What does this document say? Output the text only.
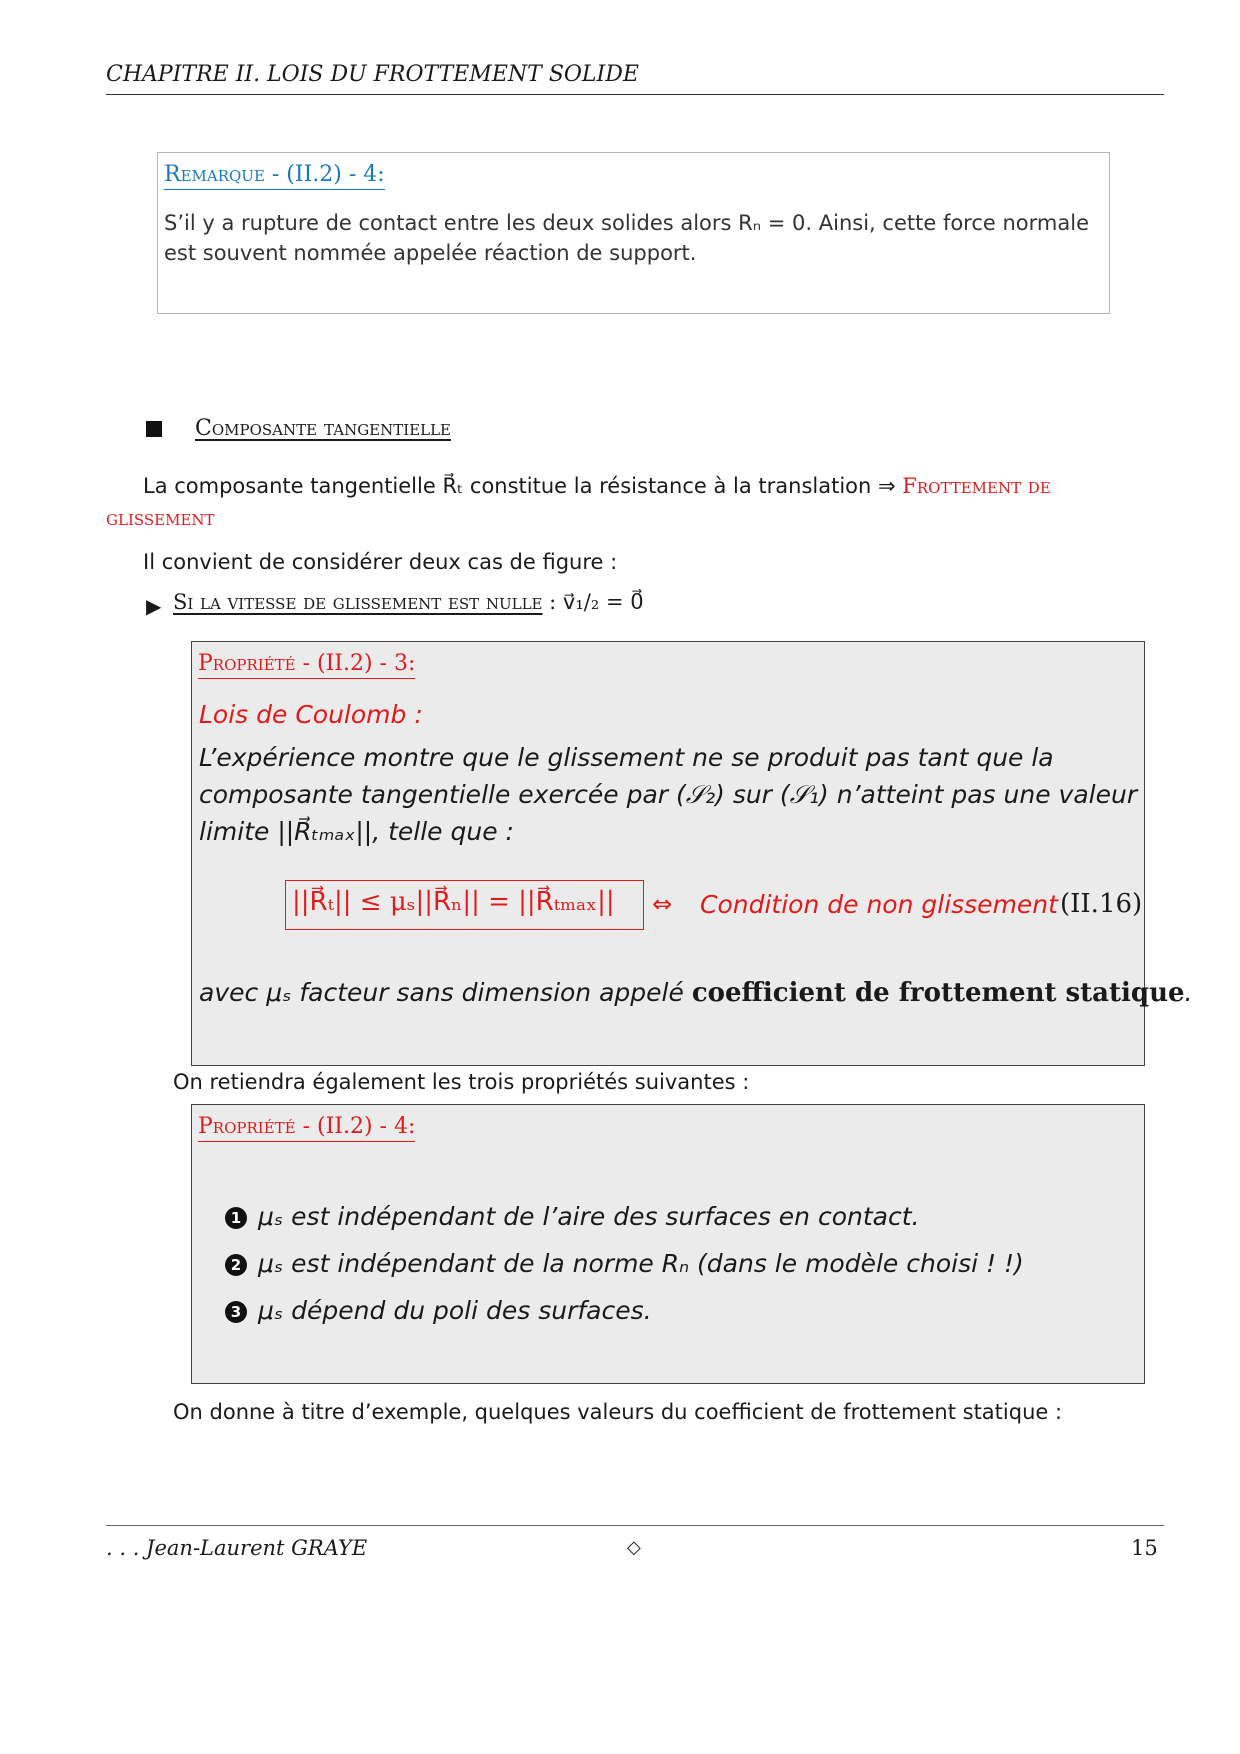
CHAPITRE II. LOIS DU FROTTEMENT SOLIDE
Remarque - (II.2) - 4:
S’il y a rupture de contact entre les deux solides alors Rₙ = 0. Ainsi, cette force normale est souvent nommée appelée réaction de support.
Composante tangentielle
La composante tangentielle R⃗ₜ constitue la résistance à la translation ⇒ Frottement de glissement
Il convient de considérer deux cas de figure :
▶ Si la vitesse de glissement est nulle : v⃗₁/₂ = 0⃗
Propriété - (II.2) - 3:
Lois de Coulomb :
L’expérience montre que le glissement ne se produit pas tant que la composante tangentielle exercée par (𝒮₂) sur (𝒮₁) n’atteint pas une valeur limite ||R⃗ₜₘₐₓ||, telle que :
||R⃗ₜ|| ≤ μₛ||R⃗ₙ|| = ||R⃗ₜₘₐₓ|| ⇔ Condition de non glissement (II.16)
avec μₛ facteur sans dimension appelé coefficient de frottement statique.
On retiendra également les trois propriétés suivantes :
Propriété - (II.2) - 4:
1 μₛ est indépendant de l’aire des surfaces en contact.
2 μₛ est indépendant de la norme Rₙ (dans le modèle choisi ! !)
3 μₛ dépend du poli des surfaces.
On donne à titre d’exemple, quelques valeurs du coefficient de frottement statique :
. . . Jean-Laurent GRAYE	◇	15
